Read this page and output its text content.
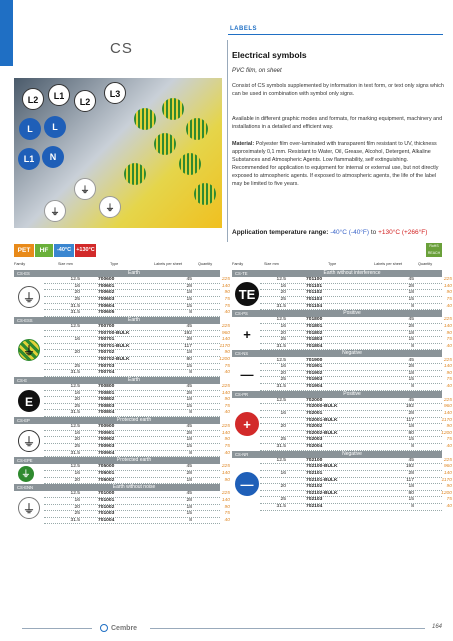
CS
L2	L1
L2
L3
L	L
L1	N
⏚
⏚
⏚
LABELS
Electrical symbols
PVC film, on sheet
Consist of CS symbols supplemented by information in text form, or text only signs which can be used in combination with symbol only signs.
Available in different graphic modes and formats, for marking equipment, machinery and installations in a detailed and efficient way.
Material: Polyester film over-laminated with transparent film resistant to UV, thickness approximately 0,1 mm. Resistant to Water, Oil, Grease, Alcohol, Detergent, Alkaline Substances and Atmospheric Agents. Low flammability, self extinguishing. Recommended for application to equipment for internal or external use, but not directly exposed to atmospheric agents. If exposed to atmospheric agents, the life of the label may be limited to five years.
Application temperature range: -40°C (-40°F) to +130°C (+266°F)
PET	HF	-40°C +130°C
RoHS REACH
Family	Size mm	Type	Labels per sheet	Quantity	Family	Size mm	Type	Labels per sheet	Quantity
CS-ES	Earth
12.5	700600	45	225
16	700601	28	140
20	700602	18	90
25	700603	15	75
31.5	700604	15	75
31.5	700605	8	40
⏚
CS-ESS	Earth
12.5	700700	45	225
700700-BULK	192	960
16	700701	28	140
700701-BULK	117	1170
20	700702	18	90
700702-BULK	80	1200
25	700703	15	75
31.5	700704	8	40
⏚
CS-E	Earth
12.5	700800	45	225
16	700801	28	140
20	700802	18	90
25	700803	15	75
31.5	700804	8	40
E
CS-EP	Protected earth
12.5	700900	45	225
16	700901	28	140
20	700902	18	90
25	700903	15	75
31.5	700904	8	40
⏚
CS-EPE	Protected earth
12.5	705000	45	225
16	705001	28	140
20	705002	18	90
⏚
CS-ENN	Earth without noise
12.5	701000	45	225
16	701001	28	140
20	701002	18	90
25	701003	15	75
31.5	701004	8	40
⏚
CS-TE	Earth without interference
12.5	701100	45	225
16	701101	28	140
20	701102	18	90
25	701103	15	75
31.5	701104	8	40
TE
CS-PS	Positive
12.5	701800	45	225
16	701801	28	140
20	701802	18	90
25	701803	15	75
31.5	701804	8	40
+
CS-NS	Negative
12.5	701900	45	225
16	701901	28	140
20	701902	18	90
25	701903	15	75
31.5	701904	8	40
—
CS-PR	Positive
12.5	702000	45	225
702000-BULK	192	960
16	702001	28	140
702001-BULK	117	1170
20	702002	18	90
702002-BULK	80	1200
25	702003	15	75
31.5	702004	8	40
+
CS-NR	Negative
12.5	702100	45	225
702100-BULK	192	960
16	702101	28	140
702101-BULK	117	1170
20	702102	18	90
702102-BULK	80	1200
25	702103	15	75
31.5	702104	8	40
—
Cembre	164
